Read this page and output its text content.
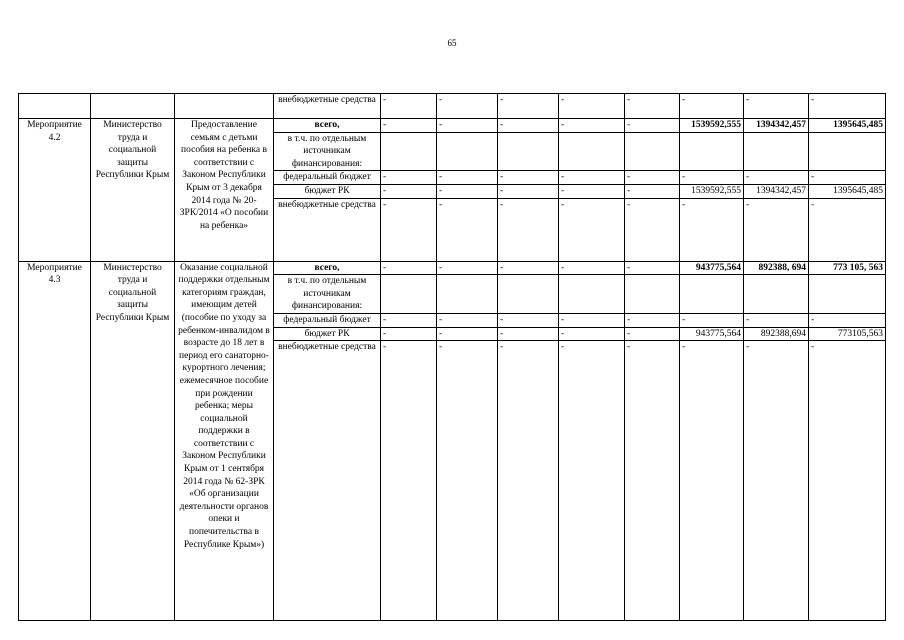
65
			внебюджетные средства	-	-	-	-	-	-	-	-
Мероприятие 4.2	Министерство труда и социальной защиты Республики Крым	Предоставление семьям с детьми пособия на ребенка в соответствии с Законом Республики Крым от 3 декабря 2014 года № 20-ЗРК/2014 «О пособии на ребенка»	всего,	-	-	-	-	-	1539592,555	1394342,457	1395645,485
			в т.ч. по отдельным источникам финансирования:								
			федеральный бюджет	-	-	-	-	-	-	-	-
			бюджет РК	-	-	-	-	-	1539592,555	1394342,457	1395645,485
			внебюджетные средства	-	-	-	-	-	-	-	-
Мероприятие 4.3	Министерство труда и социальной защиты Республики Крым	Оказание социальной поддержки отдельным категориям граждан, имеющим детей (пособие по уходу за ребенком-инвалидом в возрасте до 18 лет в период его санаторно-курортного лечения; ежемесячное пособие при рождении ребенка; меры социальной поддержки в соответствии с Законом Республики Крым от 1 сентября 2014 года № 62-ЗРК «Об организации деятельности органов опеки и попечительства в Республике Крым»)	всего,	-	-	-	-	-	943775,564	892388, 694	773 105, 563
			в т.ч. по отдельным источникам финансирования:								
			федеральный бюджет	-	-	-	-	-	-	-	-
			бюджет РК	-	-	-	-	-	943775,564	892388,694	773105,563
			внебюджетные средства	-	-	-	-	-	-	-	-
